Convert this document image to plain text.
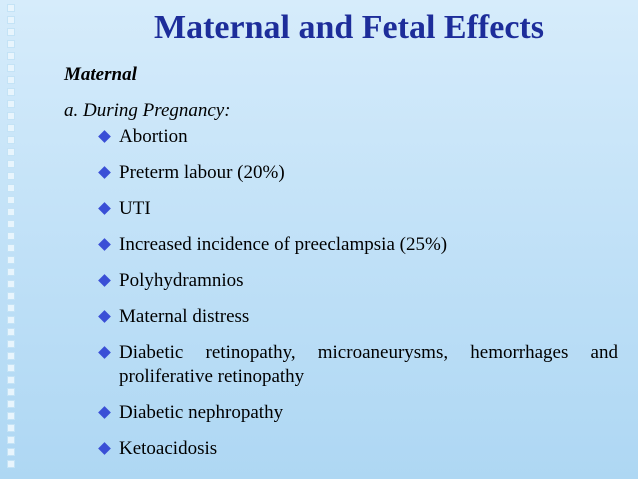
Maternal and Fetal Effects

Maternal

a. During Pregnancy:

Abortion
Preterm labour (20%)
UTI
Increased incidence of preeclampsia (25%)
Polyhydramnios
Maternal distress
Diabetic retinopathy, microaneurysms, hemorrhages and proliferative retinopathy
Diabetic nephropathy
Ketoacidosis
